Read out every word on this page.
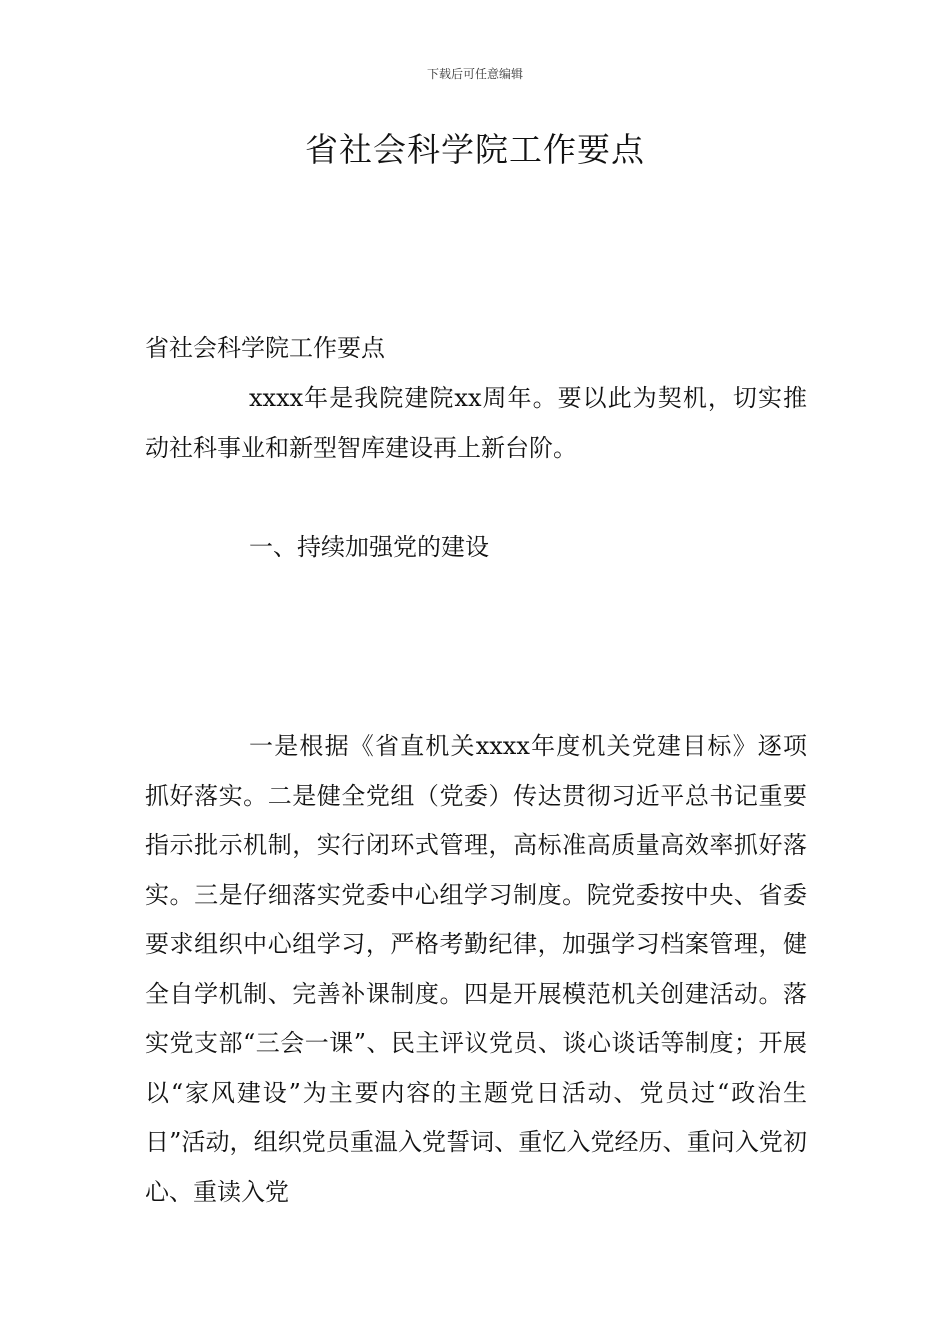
下载后可任意编辑
省社会科学院工作要点

省社会科学院工作要点

xxxx年是我院建院xx周年。要以此为契机，切实推动社科事业和新型智库建设再上新台阶。

一、持续加强党的建设

一是根据《省直机关xxxx年度机关党建目标》逐项抓好落实。二是健全党组（党委）传达贯彻习近平总书记重要指示批示机制，实行闭环式管理，高标准高质量高效率抓好落实。三是仔细落实党委中心组学习制度。院党委按中央、省委要求组织中心组学习，严格考勤纪律，加强学习档案管理，健全自学机制、完善补课制度。四是开展模范机关创建活动。落实党支部“三会一课”、民主评议党员、谈心谈话等制度；开展以“家风建设”为主要内容的主题党日活动、党员过“政治生日”活动，组织党员重温入党誓词、重忆入党经历、重问入党初心、重读入党
